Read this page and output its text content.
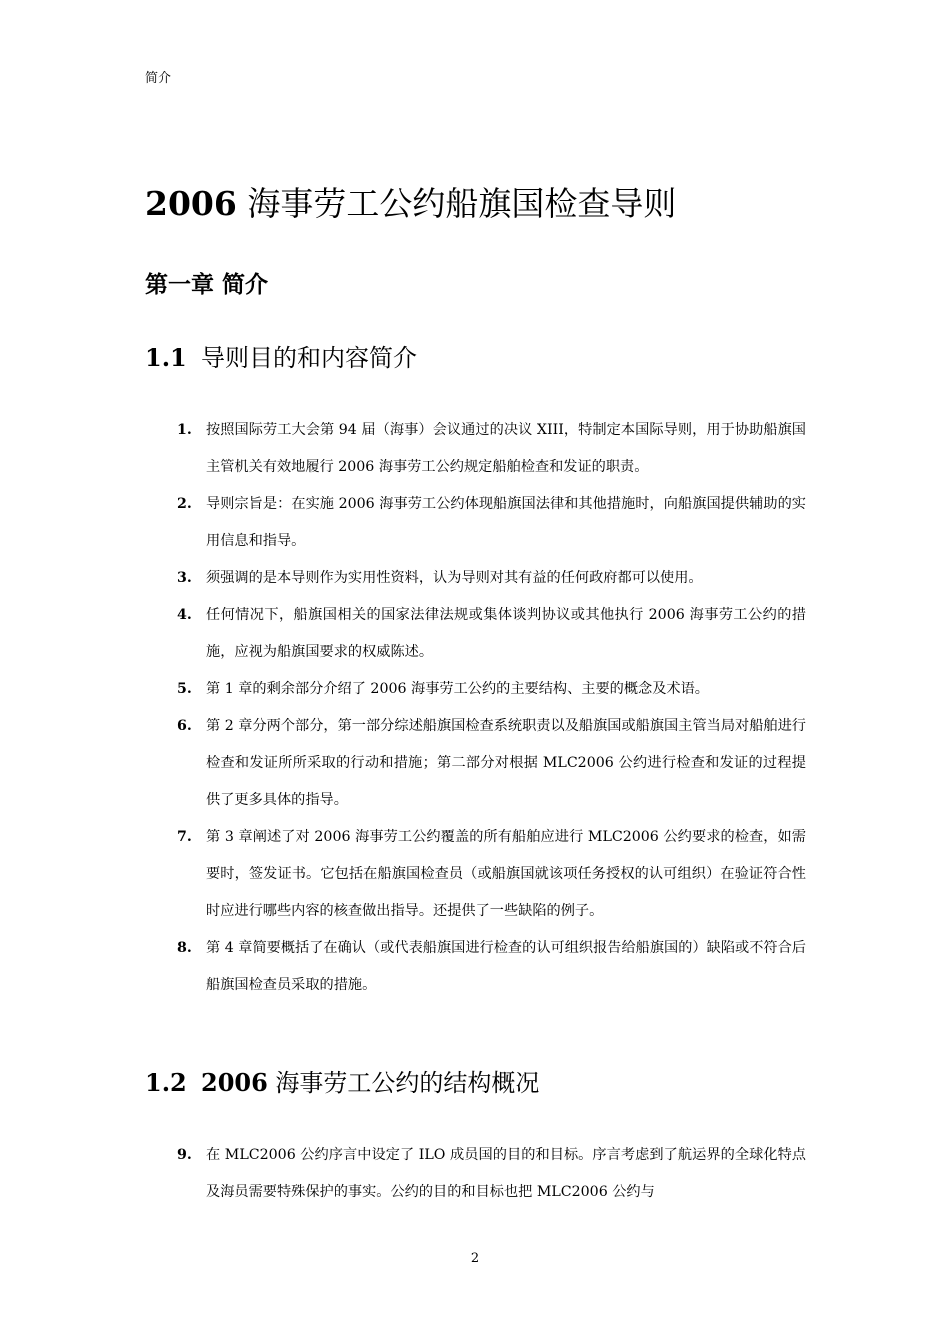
简介
2006 海事劳工公约船旗国检查导则
第一章 简介
1.1 导则目的和内容简介
1. 按照国际劳工大会第 94 届（海事）会议通过的决议 XIII，特制定本国际导则，用于协助船旗国主管机关有效地履行 2006 海事劳工公约规定船舶检查和发证的职责。
2. 导则宗旨是：在实施 2006 海事劳工公约体现船旗国法律和其他措施时，向船旗国提供辅助的实用信息和指导。
3. 须强调的是本导则作为实用性资料，认为导则对其有益的任何政府都可以使用。
4. 任何情况下，船旗国相关的国家法律法规或集体谈判协议或其他执行 2006 海事劳工公约的措施，应视为船旗国要求的权威陈述。
5. 第 1 章的剩余部分介绍了 2006 海事劳工公约的主要结构、主要的概念及术语。
6. 第 2 章分两个部分，第一部分综述船旗国检查系统职责以及船旗国或船旗国主管当局对船舶进行检查和发证所所采取的行动和措施；第二部分对根据 MLC2006 公约进行检查和发证的过程提供了更多具体的指导。
7. 第 3 章阐述了对 2006 海事劳工公约覆盖的所有船舶应进行 MLC2006 公约要求的检查，如需要时，签发证书。它包括在船旗国检查员（或船旗国就该项任务授权的认可组织）在验证符合性时应进行哪些内容的核查做出指导。还提供了一些缺陷的例子。
8. 第 4 章简要概括了在确认（或代表船旗国进行检查的认可组织报告给船旗国的）缺陷或不符合后船旗国检查员采取的措施。
1.2 2006 海事劳工公约的结构概况
9. 在 MLC2006 公约序言中设定了 ILO 成员国的目的和目标。序言考虑到了航运界的全球化特点及海员需要特殊保护的事实。公约的目的和目标也把 MLC2006 公约与
2
